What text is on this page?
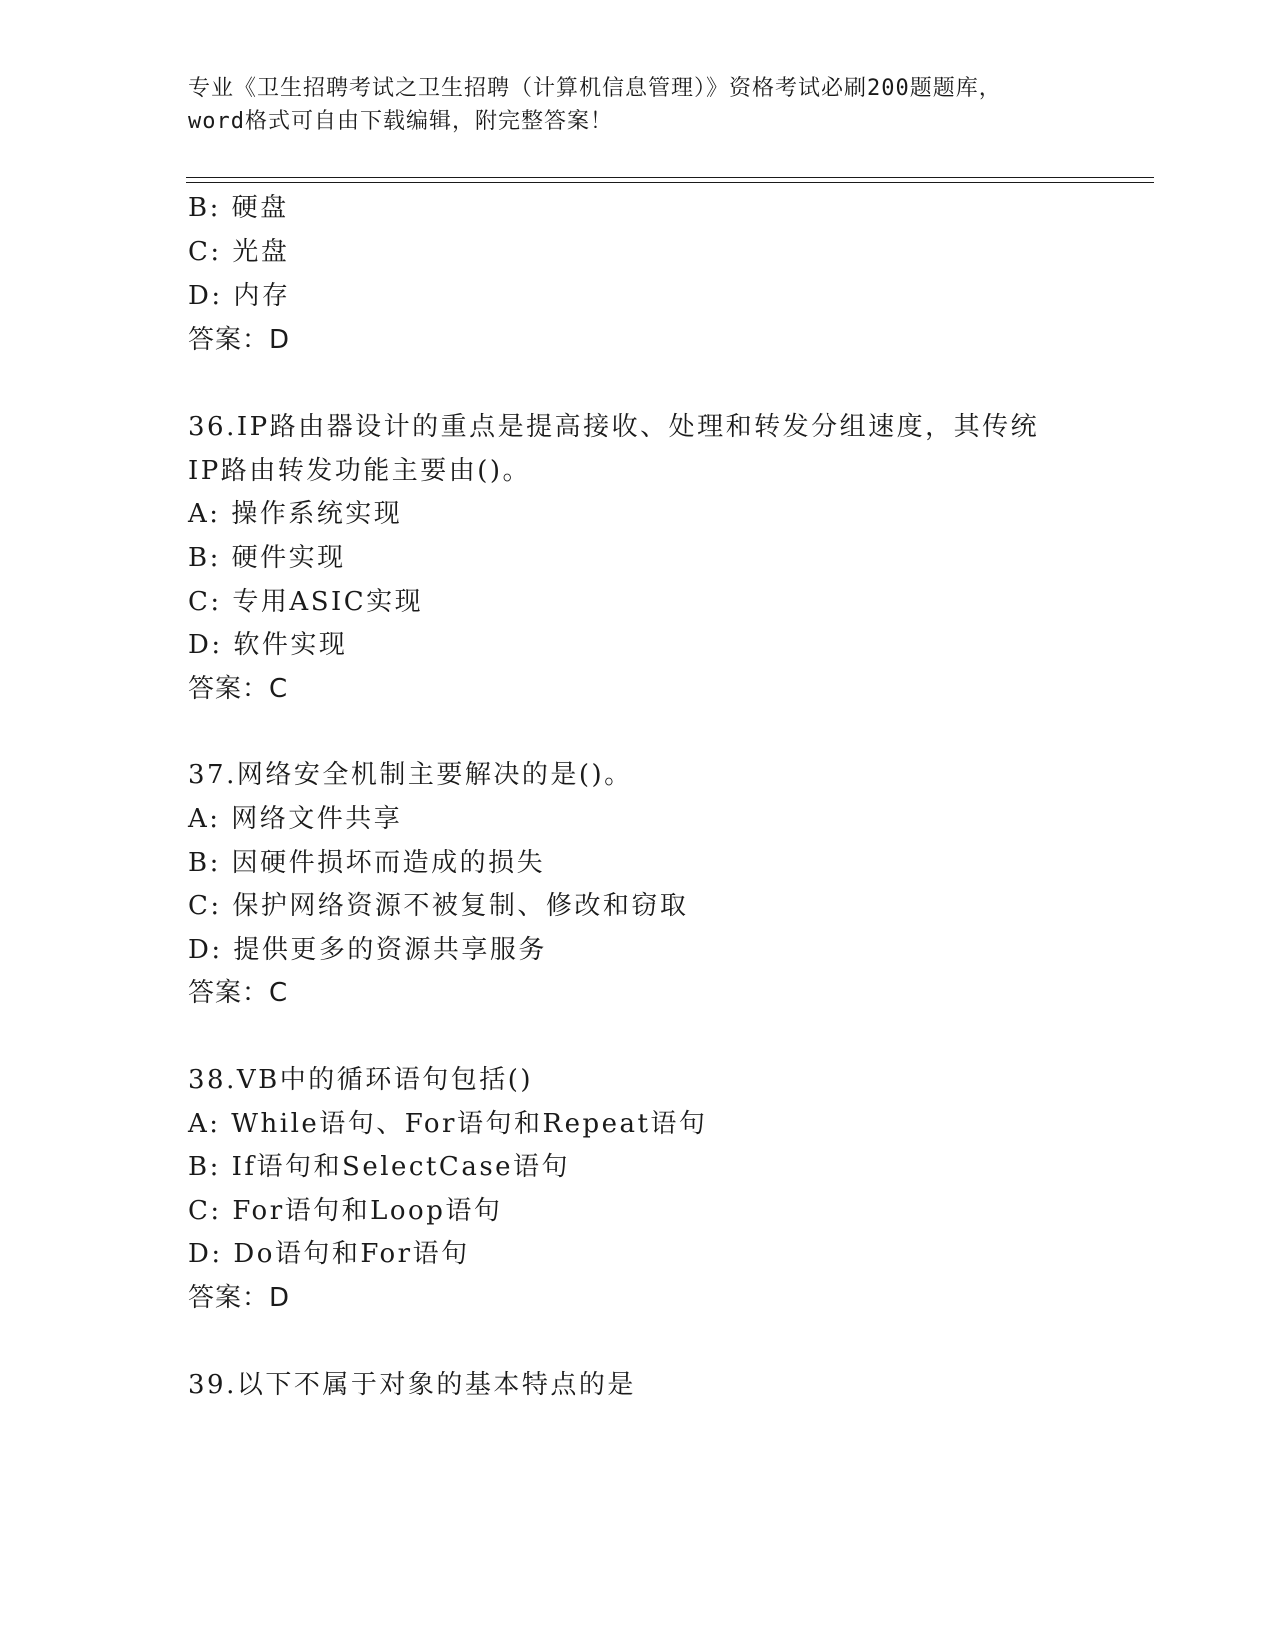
专业《卫生招聘考试之卫生招聘（计算机信息管理）》资格考试必刷200题题库，
word格式可自由下载编辑，附完整答案！
B: 硬盘
C: 光盘
D: 内存
答案：D
36.IP路由器设计的重点是提高接收、处理和转发分组速度，其传统
IP路由转发功能主要由()。
A: 操作系统实现
B: 硬件实现
C: 专用ASIC实现
D: 软件实现
答案：C
37.网络安全机制主要解决的是()。
A: 网络文件共享
B: 因硬件损坏而造成的损失
C: 保护网络资源不被复制、修改和窃取
D: 提供更多的资源共享服务
答案：C
38.VB中的循环语句包括()
A: While语句、For语句和Repeat语句
B: If语句和SelectCase语句
C: For语句和Loop语句
D: Do语句和For语句
答案：D
39.以下不属于对象的基本特点的是
